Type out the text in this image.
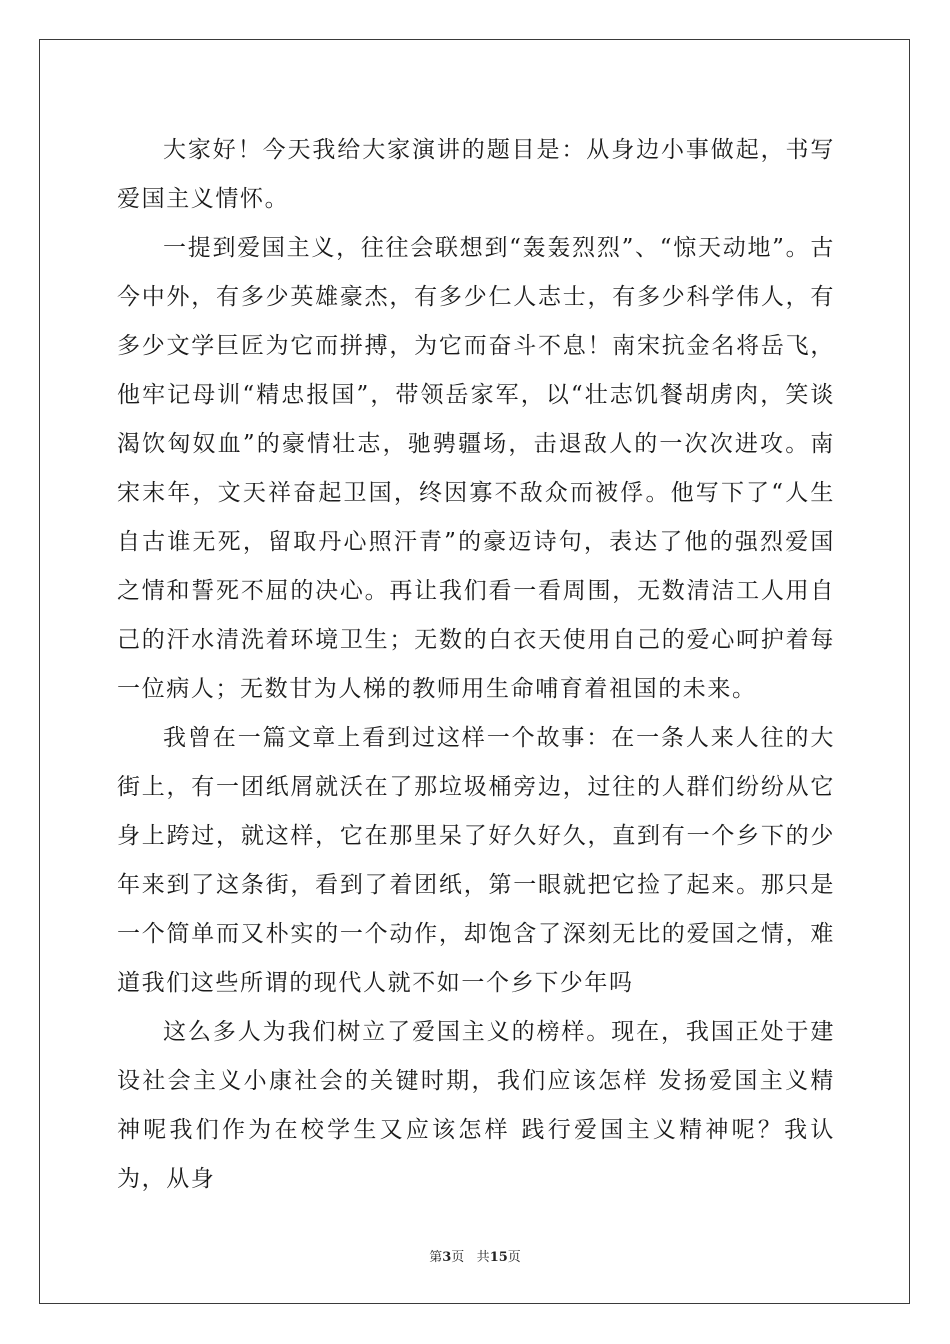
大家好！今天我给大家演讲的题目是：从身边小事做起，书写爱国主义情怀。

一提到爱国主义，往往会联想到“轰轰烈烈”、“惊天动地”。古今中外，有多少英雄豪杰，有多少仁人志士，有多少科学伟人，有多少文学巨匠为它而拼搏，为它而奋斗不息！南宋抗金名将岳飞，他牢记母训“精忠报国”，带领岳家军，以“壮志饥餐胡虏肉，笑谈渴饮匈奴血”的豪情壮志，驰骋疆场，击退敌人的一次次进攻。南宋末年，文天祥奋起卫国，终因寡不敌众而被俘。他写下了“人生自古谁无死，留取丹心照汗青”的豪迈诗句，表达了他的强烈爱国之情和誓死不屈的决心。再让我们看一看周围，无数清洁工人用自己的汗水清洗着环境卫生；无数的白衣天使用自己的爱心呵护着每一位病人；无数甘为人梯的教师用生命哺育着祖国的未来。

我曾在一篇文章上看到过这样一个故事：在一条人来人往的大街上，有一团纸屑就沃在了那垃圾桶旁边，过往的人群们纷纷从它身上跨过，就这样，它在那里呆了好久好久，直到有一个乡下的少年来到了这条街，看到了着团纸，第一眼就把它捡了起来。那只是一个简单而又朴实的一个动作，却饱含了深刻无比的爱国之情，难道我们这些所谓的现代人就不如一个乡下少年吗

这么多人为我们树立了爱国主义的榜样。现在，我国正处于建设社会主义小康社会的关键时期，我们应该怎样 发扬爱国主义精神呢我们作为在校学生又应该怎样 践行爱国主义精神呢？我认为，从身

第3页 共15页
